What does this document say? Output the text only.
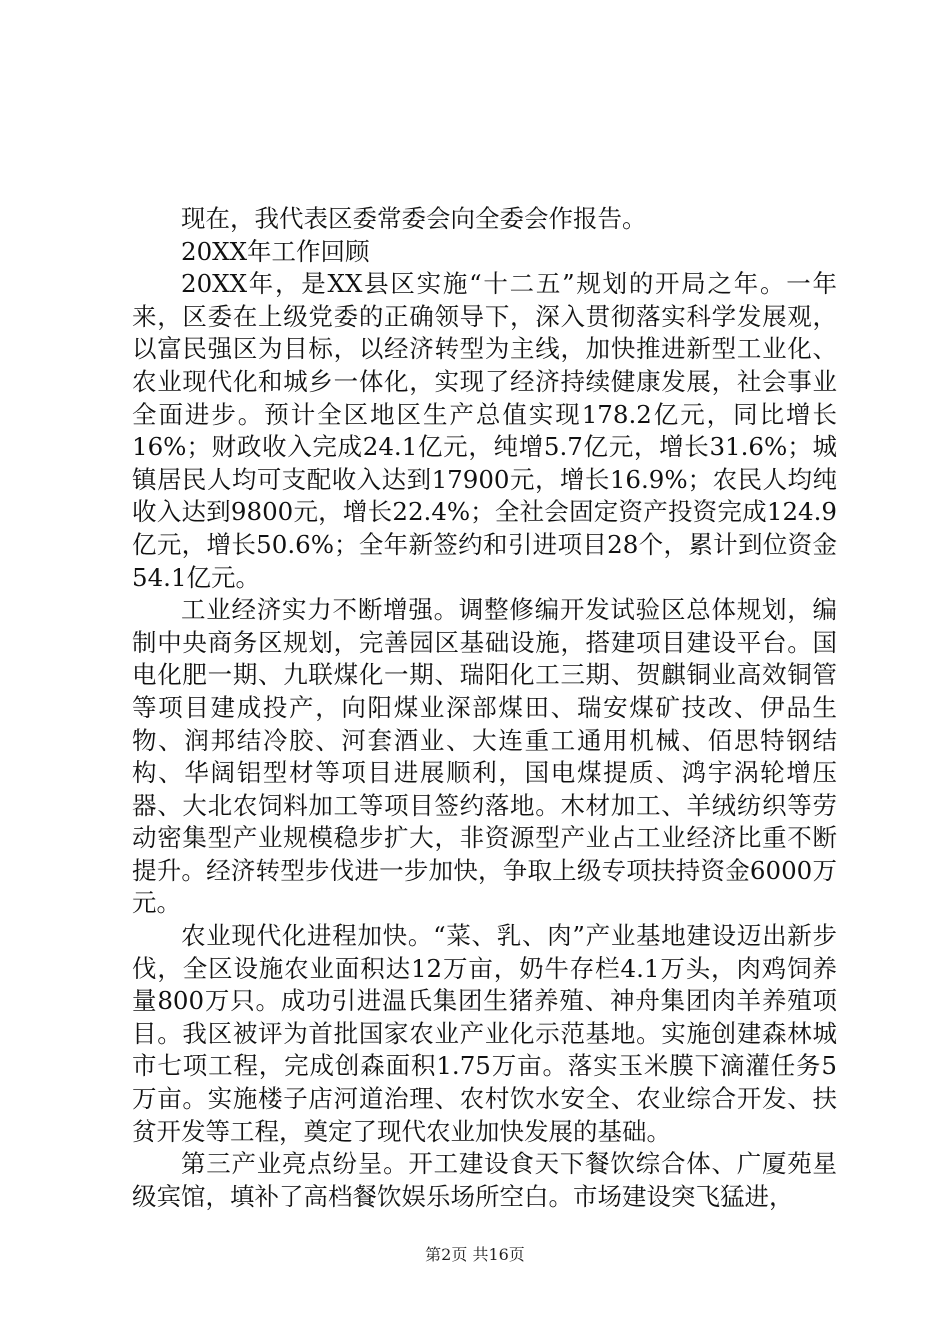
现在，我代表区委常委会向全委会作报告。

20XX年工作回顾

20XX年，是XX县区实施“十二五”规划的开局之年。一年来，区委在上级党委的正确领导下，深入贯彻落实科学发展观，以富民强区为目标，以经济转型为主线，加快推进新型工业化、农业现代化和城乡一体化，实现了经济持续健康发展，社会事业全面进步。预计全区地区生产总值实现178.2亿元，同比增长16%；财政收入完成24.1亿元，纯增5.7亿元，增长31.6%；城镇居民人均可支配收入达到17900元，增长16.9%；农民人均纯收入达到9800元，增长22.4%；全社会固定资产投资完成124.9亿元，增长50.6%；全年新签约和引进项目28个，累计到位资金54.1亿元。

工业经济实力不断增强。调整修编开发试验区总体规划，编制中央商务区规划，完善园区基础设施，搭建项目建设平台。国电化肥一期、九联煤化一期、瑞阳化工三期、贺麒铜业高效铜管等项目建成投产，向阳煤业深部煤田、瑞安煤矿技改、伊品生物、润邦结冷胶、河套酒业、大连重工通用机械、佰思特钢结构、华阔铝型材等项目进展顺利，国电煤提质、鸿宇涡轮增压器、大北农饲料加工等项目签约落地。木材加工、羊绒纺织等劳动密集型产业规模稳步扩大，非资源型产业占工业经济比重不断提升。经济转型步伐进一步加快，争取上级专项扶持资金6000万元。

农业现代化进程加快。“菜、乳、肉”产业基地建设迈出新步伐，全区设施农业面积达12万亩，奶牛存栏4.1万头，肉鸡饲养量800万只。成功引进温氏集团生猪养殖、神舟集团肉羊养殖项目。我区被评为首批国家农业产业化示范基地。实施创建森林城市七项工程，完成创森面积1.75万亩。落实玉米膜下滴灌任务5万亩。实施楼子店河道治理、农村饮水安全、农业综合开发、扶贫开发等工程，奠定了现代农业加快发展的基础。

第三产业亮点纷呈。开工建设食天下餐饮综合体、广厦苑星级宾馆，填补了高档餐饮娱乐场所空白。市场建设突飞猛进，

第2页 共16页
